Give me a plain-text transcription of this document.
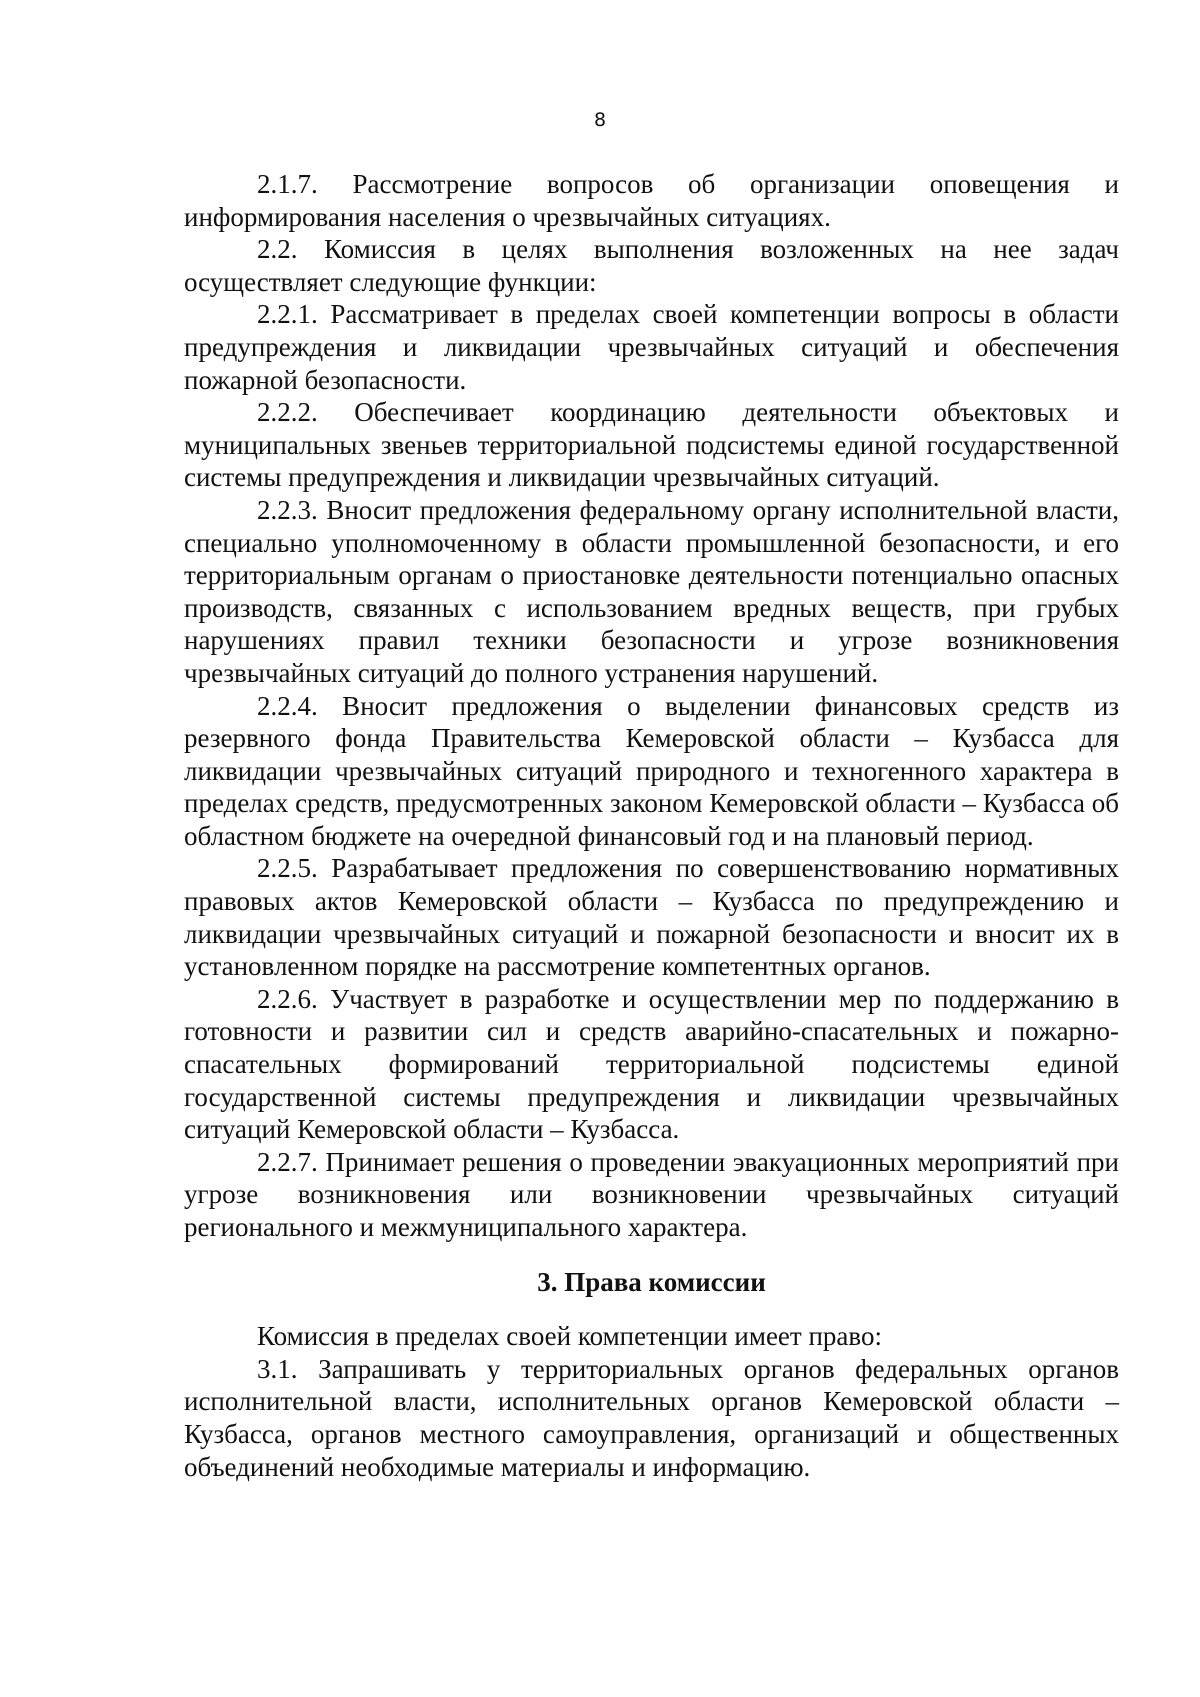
8

2.1.7. Рассмотрение вопросов об организации оповещения и информирования населения о чрезвычайных ситуациях.

2.2. Комиссия в целях выполнения возложенных на нее задач осуществляет следующие функции:

2.2.1. Рассматривает в пределах своей компетенции вопросы в области предупреждения и ликвидации чрезвычайных ситуаций и обеспечения пожарной безопасности.

2.2.2. Обеспечивает координацию деятельности объектовых и муниципальных звеньев территориальной подсистемы единой государственной системы предупреждения и ликвидации чрезвычайных ситуаций.

2.2.3. Вносит предложения федеральному органу исполнительной власти, специально уполномоченному в области промышленной безопасности, и его территориальным органам о приостановке деятельности потенциально опасных производств, связанных с использованием вредных веществ, при грубых нарушениях правил техники безопасности и угрозе возникновения чрезвычайных ситуаций до полного устранения нарушений.

2.2.4. Вносит предложения о выделении финансовых средств из резервного фонда Правительства Кемеровской области – Кузбасса для ликвидации чрезвычайных ситуаций природного и техногенного характера в пределах средств, предусмотренных законом Кемеровской области – Кузбасса об областном бюджете на очередной финансовый год и на плановый период.

2.2.5. Разрабатывает предложения по совершенствованию нормативных правовых актов Кемеровской области – Кузбасса по предупреждению и ликвидации чрезвычайных ситуаций и пожарной безопасности и вносит их в установленном порядке на рассмотрение компетентных органов.

2.2.6. Участвует в разработке и осуществлении мер по поддержанию в готовности и развитии сил и средств аварийно-спасательных и пожарно-спасательных формирований территориальной подсистемы единой государственной системы предупреждения и ликвидации чрезвычайных ситуаций Кемеровской области – Кузбасса.

2.2.7. Принимает решения о проведении эвакуационных мероприятий при угрозе возникновения или возникновении чрезвычайных ситуаций регионального и межмуниципального характера.

3. Права комиссии

Комиссия в пределах своей компетенции имеет право:

3.1. Запрашивать у территориальных органов федеральных органов исполнительной власти, исполнительных органов Кемеровской области – Кузбасса, органов местного самоуправления, организаций и общественных объединений необходимые материалы и информацию.
